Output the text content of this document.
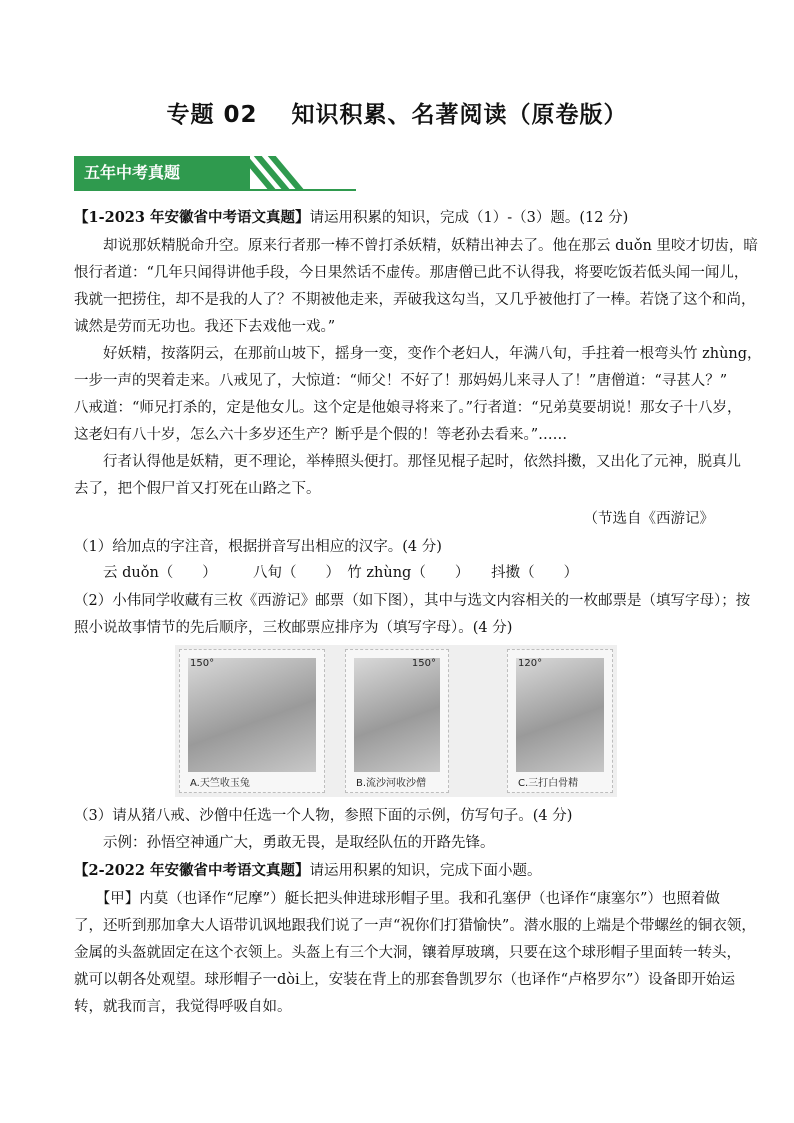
专题 02 知识积累、名著阅读（原卷版）
五年中考真题
【1-2023 年安徽省中考语文真题】请运用积累的知识，完成（1）-（3）题。(12 分)
　　却说那妖精脱命升空。原来行者那一棒不曾打杀妖精，妖精出神去了。他在那云 duǒn 里咬才切齿，暗
恨行者道：“几年只闻得讲他手段，今日果然话不虚传。那唐僧已此不认得我，将要吃饭若低头闻一闻儿，
我就一把捞住，却不是我的人了？不期被他走来，弄破我这勾当，又几乎被他打了一棒。若饶了这个和尚，
诚然是劳而无功也。我还下去戏他一戏。”
　　好妖精，按落阴云，在那前山坡下，摇身一变，变作个老妇人，年满八旬，手拄着一根弯头竹 zhùng，
一步一声的哭着走来。八戒见了，大惊道：“师父！不好了！那妈妈儿来寻人了！”唐僧道：“寻甚人？”
八戒道：“师兄打杀的，定是他女儿。这个定是他娘寻将来了。”行者道：“兄弟莫要胡说！那女子十八岁，
这老妇有八十岁，怎么六十多岁还生产？断乎是个假的！等老孙去看来。”……
　　行者认得他是妖精，更不理论，举棒照头便打。那怪见棍子起时，依然抖擞，又出化了元神，脱真儿
去了，把个假尸首又打死在山路之下。
（节选自《西游记》
（1）给加点的字注音，根据拼音写出相应的汉字。(4 分)
　　云 duǒn（　　）　　　八旬（　　）　竹 zhùng（　　）　　抖擞（　　）
（2）小伟同学收藏有三枚《西游记》邮票（如下图），其中与选文内容相关的一枚邮票是（填写字母）；按
照小说故事情节的先后顺序，三枚邮票应排序为（填写字母）。(4 分)
150°
A.天竺收玉兔
150°
B.流沙河收沙僧
120°
C.三打白骨精
（3）请从猪八戒、沙僧中任选一个人物，参照下面的示例，仿写句子。(4 分)
　　示例：孙悟空神通广大，勇敢无畏，是取经队伍的开路先锋。
【2-2022 年安徽省中考语文真题】请运用积累的知识，完成下面小题。
　　【甲】内莫（也译作“尼摩”）艇长把头伸进球形帽子里。我和孔塞伊（也译作“康塞尔”）也照着做
了，还听到那加拿大人语带讥讽地跟我们说了一声“祝你们打猎愉快”。潜水服的上端是个带螺丝的铜衣领，
金属的头盔就固定在这个衣领上。头盔上有三个大洞，镶着厚玻璃，只要在这个球形帽子里面转一转头，
就可以朝各处观望。球形帽子一dòi上，安装在背上的那套鲁凯罗尔（也译作“卢格罗尔”）设备即开始运
转，就我而言，我觉得呼吸自如。
